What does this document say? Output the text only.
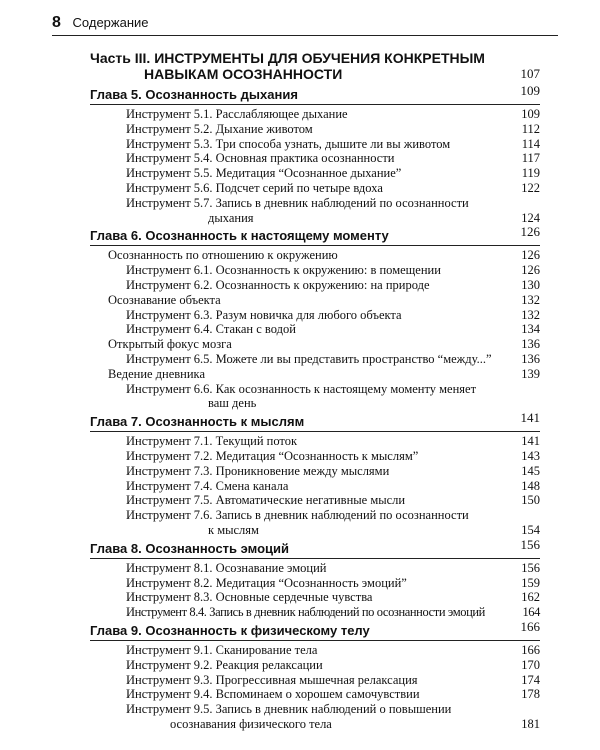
8 Содержание
Часть III. ИНСТРУМЕНТЫ ДЛЯ ОБУЧЕНИЯ КОНКРЕТНЫМ
НАВЫКАМ ОСОЗНАННОСТИ	107
Глава 5. Осознанность дыхания	109
Инструмент 5.1. Расслабляющее дыхание	109
Инструмент 5.2. Дыхание животом	112
Инструмент 5.3. Три способа узнать, дышите ли вы животом	114
Инструмент 5.4. Основная практика осознанности	117
Инструмент 5.5. Медитация “Осознанное дыхание”	119
Инструмент 5.6. Подсчет серий по четыре вдоха	122
Инструмент 5.7. Запись в дневник наблюдений по осознанности
дыхания	124
Глава 6. Осознанность к настоящему моменту	126
Осознанность по отношению к окружению	126
Инструмент 6.1. Осознанность к окружению: в помещении	126
Инструмент 6.2. Осознанность к окружению: на природе	130
Осознавание объекта	132
Инструмент 6.3. Разум новичка для любого объекта	132
Инструмент 6.4. Стакан с водой	134
Открытый фокус мозга	136
Инструмент 6.5. Можете ли вы представить пространство “между...” 136
Ведение дневника	139
Инструмент 6.6. Как осознанность к настоящему моменту меняет
ваш день
Глава 7. Осознанность к мыслям	141
Инструмент 7.1. Текущий поток	141
Инструмент 7.2. Медитация “Осознанность к мыслям”	143
Инструмент 7.3. Проникновение между мыслями	145
Инструмент 7.4. Смена канала	148
Инструмент 7.5. Автоматические негативные мысли	150
Инструмент 7.6. Запись в дневник наблюдений по осознанности
к мыслям	154
Глава 8. Осознанность эмоций	156
Инструмент 8.1. Осознавание эмоций	156
Инструмент 8.2. Медитация “Осознанность эмоций”	159
Инструмент 8.3. Основные сердечные чувства	162
Инструмент 8.4. Запись в дневник наблюдений по осознанности эмоций	164
Глава 9. Осознанность к физическому телу	166
Инструмент 9.1. Сканирование тела	166
Инструмент 9.2. Реакция релаксации	170
Инструмент 9.3. Прогрессивная мышечная релаксация	174
Инструмент 9.4. Вспоминаем о хорошем самочувствии	178
Инструмент 9.5. Запись в дневник наблюдений о повышении
осознавания физического тела	181
